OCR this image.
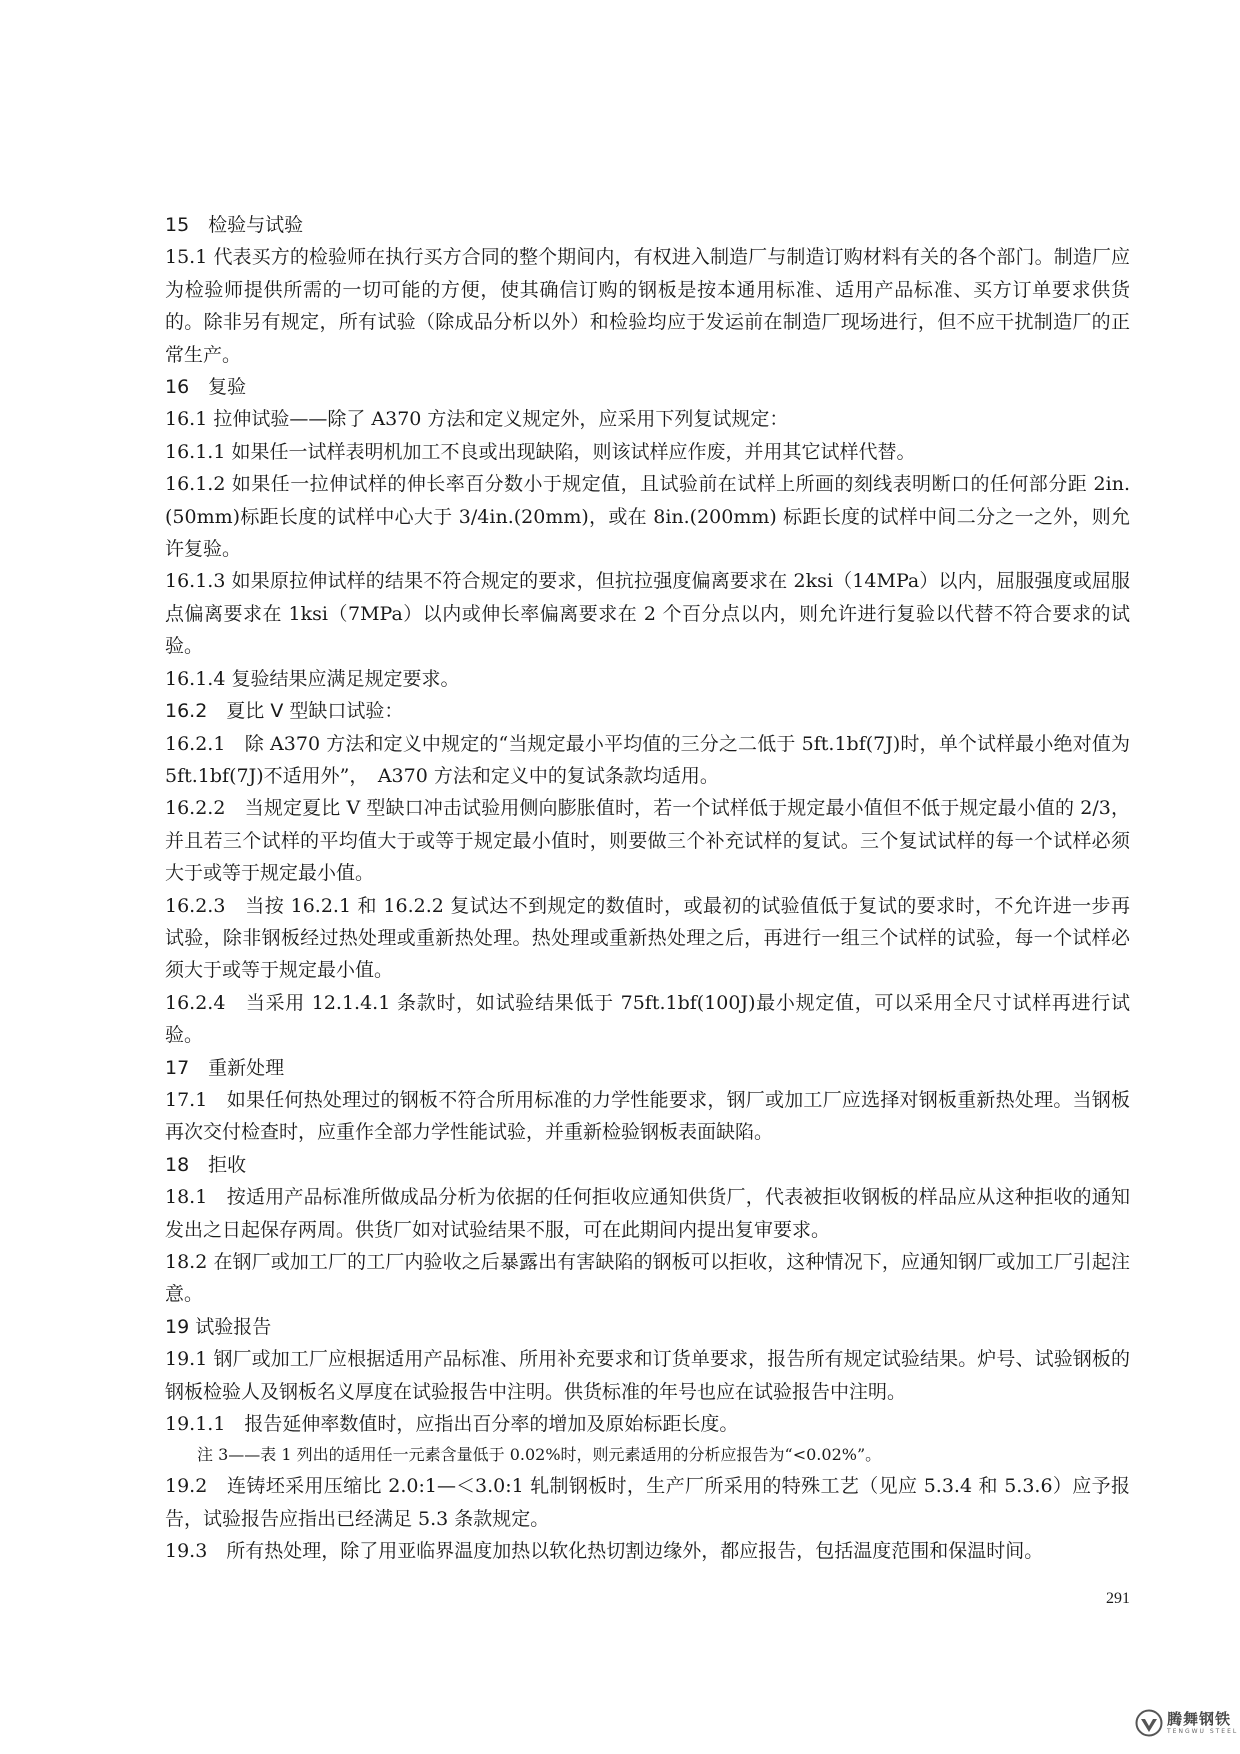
15　检验与试验

15.1 代表买方的检验师在执行买方合同的整个期间内，有权进入制造厂与制造订购材料有关的各个部门。制造厂应为检验师提供所需的一切可能的方便，使其确信订购的钢板是按本通用标准、适用产品标准、买方订单要求供货的。除非另有规定，所有试验（除成品分析以外）和检验均应于发运前在制造厂现场进行，但不应干扰制造厂的正常生产。

16　复验

16.1 拉伸试验——除了 A370 方法和定义规定外，应采用下列复试规定：

16.1.1 如果任一试样表明机加工不良或出现缺陷，则该试样应作废，并用其它试样代替。

16.1.2 如果任一拉伸试样的伸长率百分数小于规定值，且试验前在试样上所画的刻线表明断口的任何部分距 2in.(50mm)标距长度的试样中心大于 3/4in.(20mm)，或在 8in.(200mm) 标距长度的试样中间二分之一之外，则允许复验。

16.1.3 如果原拉伸试样的结果不符合规定的要求，但抗拉强度偏离要求在 2ksi（14MPa）以内，屈服强度或屈服点偏离要求在 1ksi（7MPa）以内或伸长率偏离要求在 2 个百分点以内，则允许进行复验以代替不符合要求的试验。

16.1.4 复验结果应满足规定要求。

16.2　夏比 V 型缺口试验：

16.2.1　除 A370 方法和定义中规定的“当规定最小平均值的三分之二低于 5ft.1bf(7J)时，单个试样最小绝对值为 5ft.1bf(7J)不适用外”，　A370 方法和定义中的复试条款均适用。

16.2.2　当规定夏比 V 型缺口冲击试验用侧向膨胀值时，若一个试样低于规定最小值但不低于规定最小值的 2/3，并且若三个试样的平均值大于或等于规定最小值时，则要做三个补充试样的复试。三个复试试样的每一个试样必须大于或等于规定最小值。

16.2.3　当按 16.2.1 和 16.2.2 复试达不到规定的数值时，或最初的试验值低于复试的要求时，不允许进一步再试验，除非钢板经过热处理或重新热处理。热处理或重新热处理之后，再进行一组三个试样的试验，每一个试样必须大于或等于规定最小值。

16.2.4　当采用 12.1.4.1 条款时，如试验结果低于 75ft.1bf(100J)最小规定值，可以采用全尺寸试样再进行试验。

17　重新处理

17.1　如果任何热处理过的钢板不符合所用标准的力学性能要求，钢厂或加工厂应选择对钢板重新热处理。当钢板再次交付检查时，应重作全部力学性能试验，并重新检验钢板表面缺陷。

18　拒收

18.1　按适用产品标准所做成品分析为依据的任何拒收应通知供货厂，代表被拒收钢板的样品应从这种拒收的通知发出之日起保存两周。供货厂如对试验结果不服，可在此期间内提出复审要求。

18.2 在钢厂或加工厂的工厂内验收之后暴露出有害缺陷的钢板可以拒收，这种情况下，应通知钢厂或加工厂引起注意。

19 试验报告

19.1 钢厂或加工厂应根据适用产品标准、所用补充要求和订货单要求，报告所有规定试验结果。炉号、试验钢板的钢板检验人及钢板名义厚度在试验报告中注明。供货标准的年号也应在试验报告中注明。

19.1.1　报告延伸率数值时，应指出百分率的增加及原始标距长度。

注 3——表 1 列出的适用任一元素含量低于 0.02%时，则元素适用的分析应报告为“<0.02%”。

19.2　连铸坯采用压缩比 2.0:1—＜3.0:1 轧制钢板时，生产厂所采用的特殊工艺（见应 5.3.4 和 5.3.6）应予报告，试验报告应指出已经满足 5.3 条款规定。

19.3　所有热处理，除了用亚临界温度加热以软化热切割边缘外，都应报告，包括温度范围和保温时间。

291
腾舞钢铁
TENGWU STEEL
